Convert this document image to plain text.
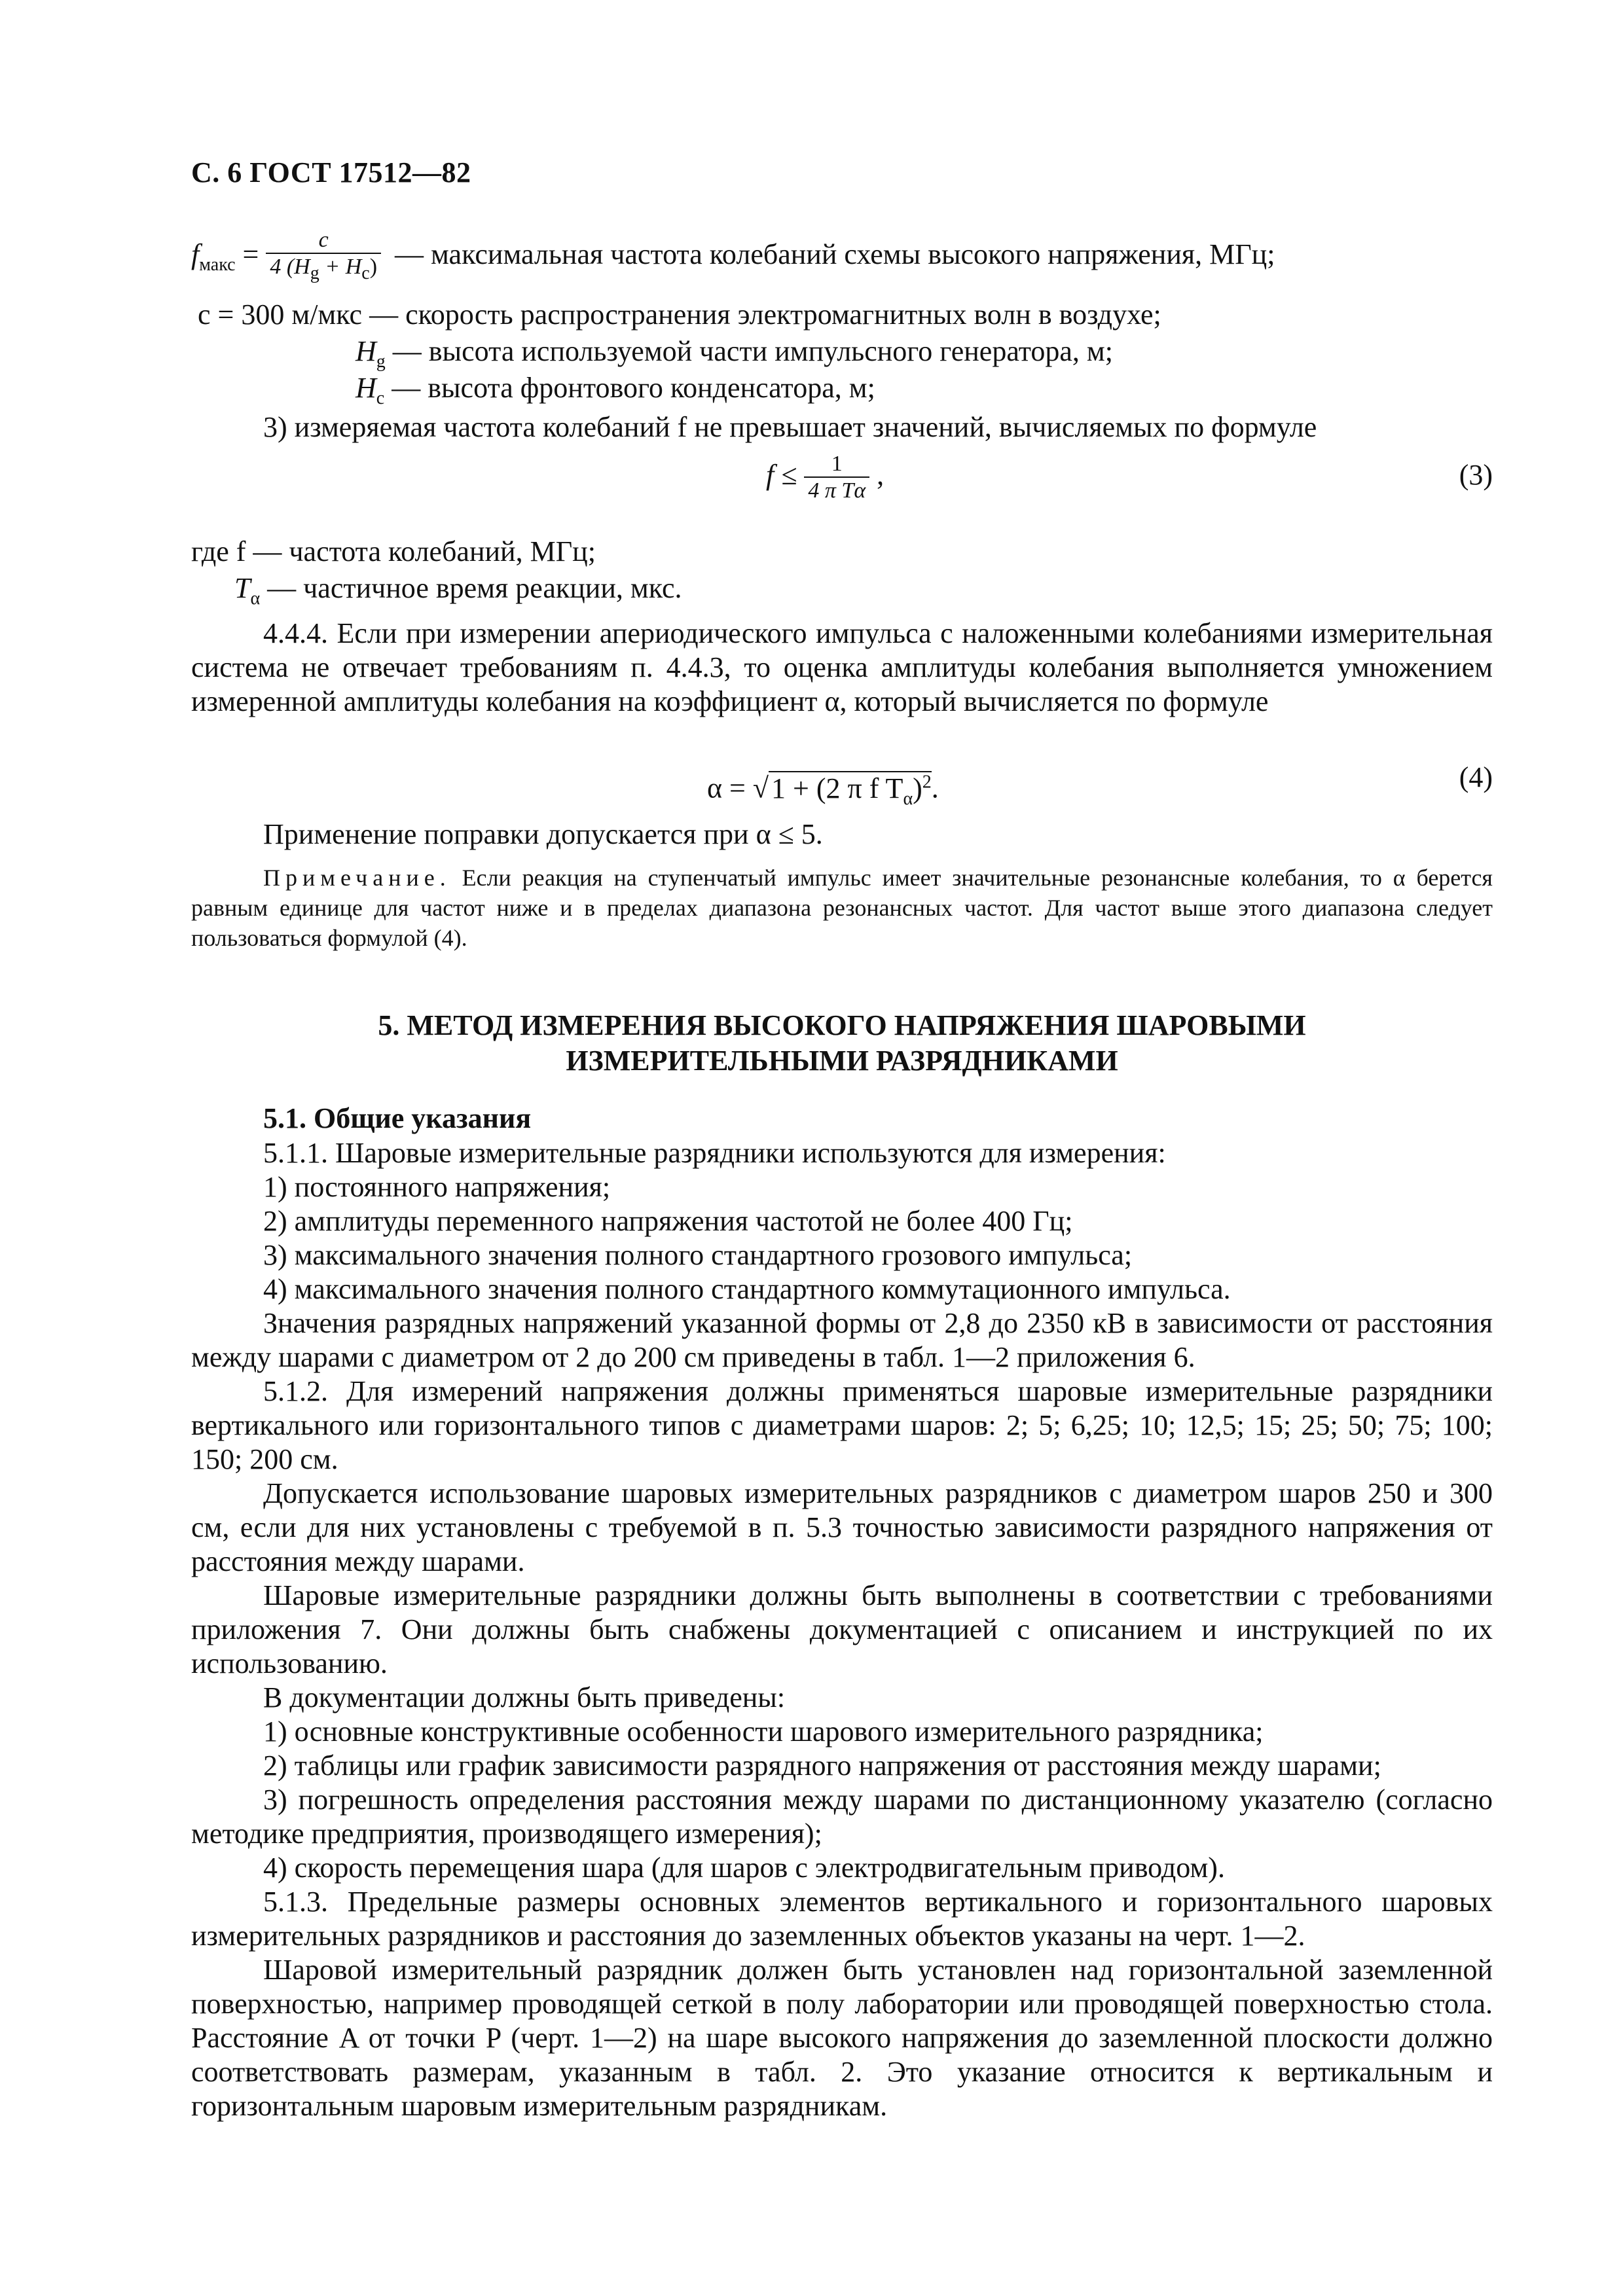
С. 6 ГОСТ 17512—82
$f_{макс} = \frac{c}{4 (H_g + H_c)}$ — максимальная частота колебаний схемы высокого напряжения, МГц;
c = 300 м/мкс — скорость распространения электромагнитных волн в воздухе;
$H_g$ — высота используемой части импульсного генератора, м;
$H_c$ — высота фронтового конденсатора, м;
3) измеряемая частота колебаний f не превышает значений, вычисляемых по формуле
$f \le \frac{1}{\text{4 π Tα}}$ ,	(3)
где f — частота колебаний, МГц;
$T_\alpha$ — частичное время реакции, мкс.
4.4.4. Если при измерении апериодического импульса с наложенными колебаниями измерительная система не отвечает требованиям п. 4.4.3, то оценка амплитуды колебания выполняется умножением измеренной амплитуды колебания на коэффициент α, который вычисляется по формуле
α = √1 + (2 π f $T_\alpha)^2$.	(4)
Применение поправки допускается при α ≤ 5.
Примечание. Если реакция на ступенчатый импульс имеет значительные резонансные колебания, то α берется равным единице для частот ниже и в пределах диапазона резонансных частот. Для частот выше этого диапазона следует пользоваться формулой (4).
5. МЕТОД ИЗМЕРЕНИЯ ВЫСОКОГО НАПРЯЖЕНИЯ ШАРОВЫМИ
ИЗМЕРИТЕЛЬНЫМИ РАЗРЯДНИКАМИ
5.1. Общие указания
5.1.1. Шаровые измерительные разрядники используются для измерения:
1) постоянного напряжения;
2) амплитуды переменного напряжения частотой не более 400 Гц;
3) максимального значения полного стандартного грозового импульса;
4) максимального значения полного стандартного коммутационного импульса.
Значения разрядных напряжений указанной формы от 2,8 до 2350 кВ в зависимости от расстояния между шарами с диаметром от 2 до 200 см приведены в табл. 1—2 приложения 6.
5.1.2. Для измерений напряжения должны применяться шаровые измерительные разрядники вертикального или горизонтального типов с диаметрами шаров: 2; 5; 6,25; 10; 12,5; 15; 25; 50; 75; 100; 150; 200 см.
Допускается использование шаровых измерительных разрядников с диаметром шаров 250 и 300 см, если для них установлены с требуемой в п. 5.3 точностью зависимости разрядного напряжения от расстояния между шарами.
Шаровые измерительные разрядники должны быть выполнены в соответствии с требованиями приложения 7. Они должны быть снабжены документацией с описанием и инструкцией по их использованию.
В документации должны быть приведены:
1) основные конструктивные особенности шарового измерительного разрядника;
2) таблицы или график зависимости разрядного напряжения от расстояния между шарами;
3) погрешность определения расстояния между шарами по дистанционному указателю (согласно методике предприятия, производящего измерения);
4) скорость перемещения шара (для шаров с электродвигательным приводом).
5.1.3. Предельные размеры основных элементов вертикального и горизонтального шаровых измерительных разрядников и расстояния до заземленных объектов указаны на черт. 1—2.
Шаровой измерительный разрядник должен быть установлен над горизонтальной заземленной поверхностью, например проводящей сеткой в полу лаборатории или проводящей поверхностью стола. Расстояние A от точки P (черт. 1—2) на шаре высокого напряжения до заземленной плоскости должно соответствовать размерам, указанным в табл. 2. Это указание относится к вертикальным и горизонтальным шаровым измерительным разрядникам.
